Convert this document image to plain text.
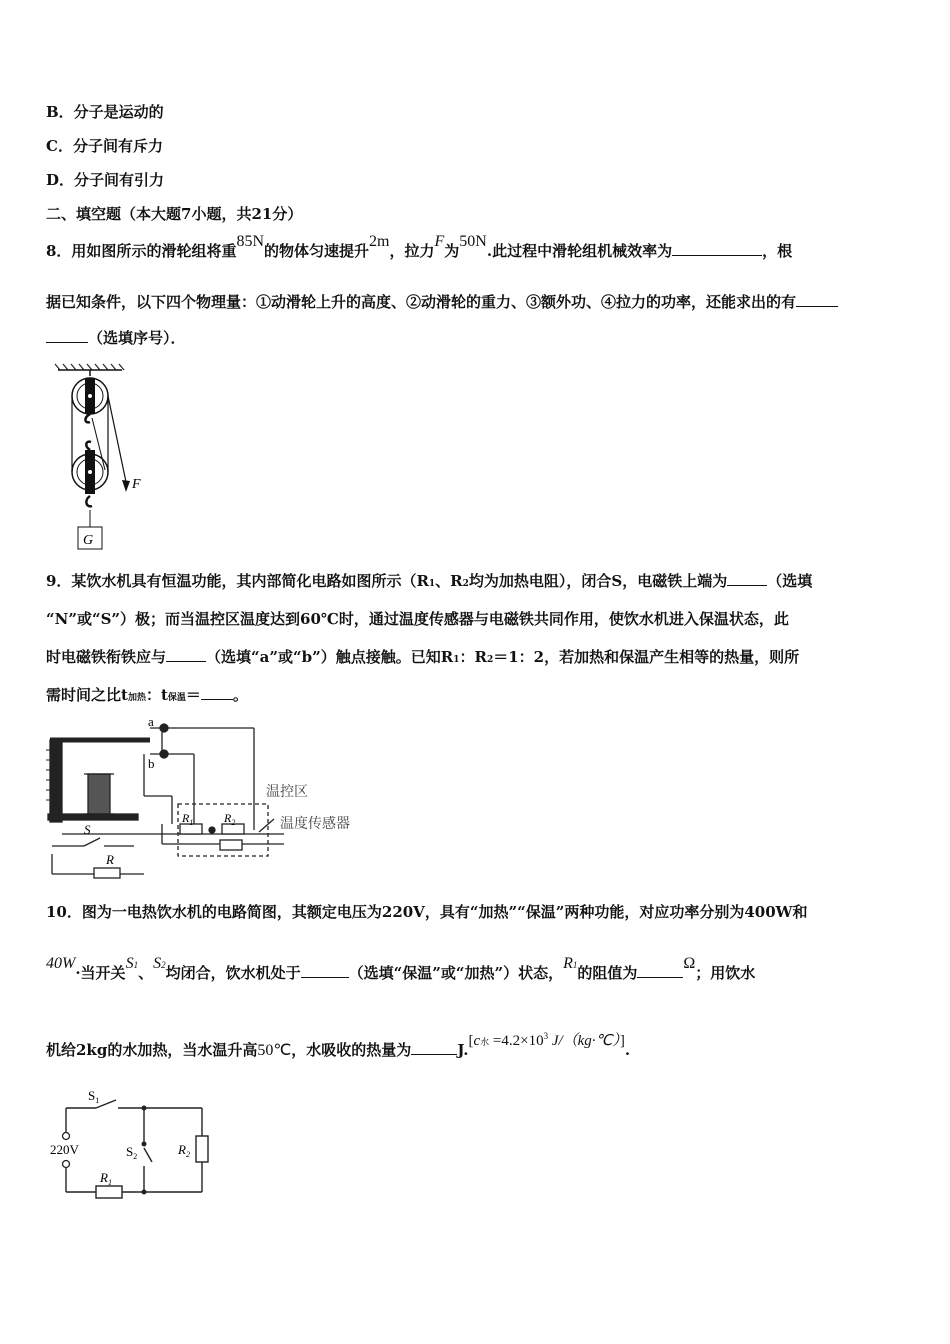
B．分子是运动的
C．分子间有斥力
D．分子间有引力
二、填空题（本大题7小题，共21分）
8．用如图所示的滑轮组将重85N的物体匀速提升2m，拉力F为50N.此过程中滑轮组机械效率为	，根
据已知条件，以下四个物理量：①动滑轮上升的高度、②动滑轮的重力、③额外功、④拉力的功率，还能求出的有
（选填序号）．
F
G
9．某饮水机具有恒温功能，其内部简化电路如图所示（R1、R2均为加热电阻），闭合S，电磁铁上端为	（选填
“N”或“S”）极；而当温控区温度达到60℃时，通过温度传感器与电磁铁共同作用，使饮水机进入保温状态，此
时电磁铁衔铁应与	（选填“a”或“b”）触点接触。已知R1：R2＝1：2，若加热和保温产生相等的热量，则所
需时间之比t加热：t保温＝ 。
a
b
S
R
$R_1$	$R_2$
温控区
温度传感器
10．图为一电热饮水机的电路简图，其额定电压为220V，具有“加热”“保温”两种功能，对应功率分别为400W和
40W·当开关S1、S2均闭合，饮水机处于	（选填“保温”或“加热”）状态，R1的阻值为Ω；用饮水
机给2kg的水加热，当水温升高50℃，水吸收的热量为	J.[c水 $=4.2\times 10^3$ J/（kg·℃）].
$S_1$
$S_2$
220V
$R_1$
$R_2$
